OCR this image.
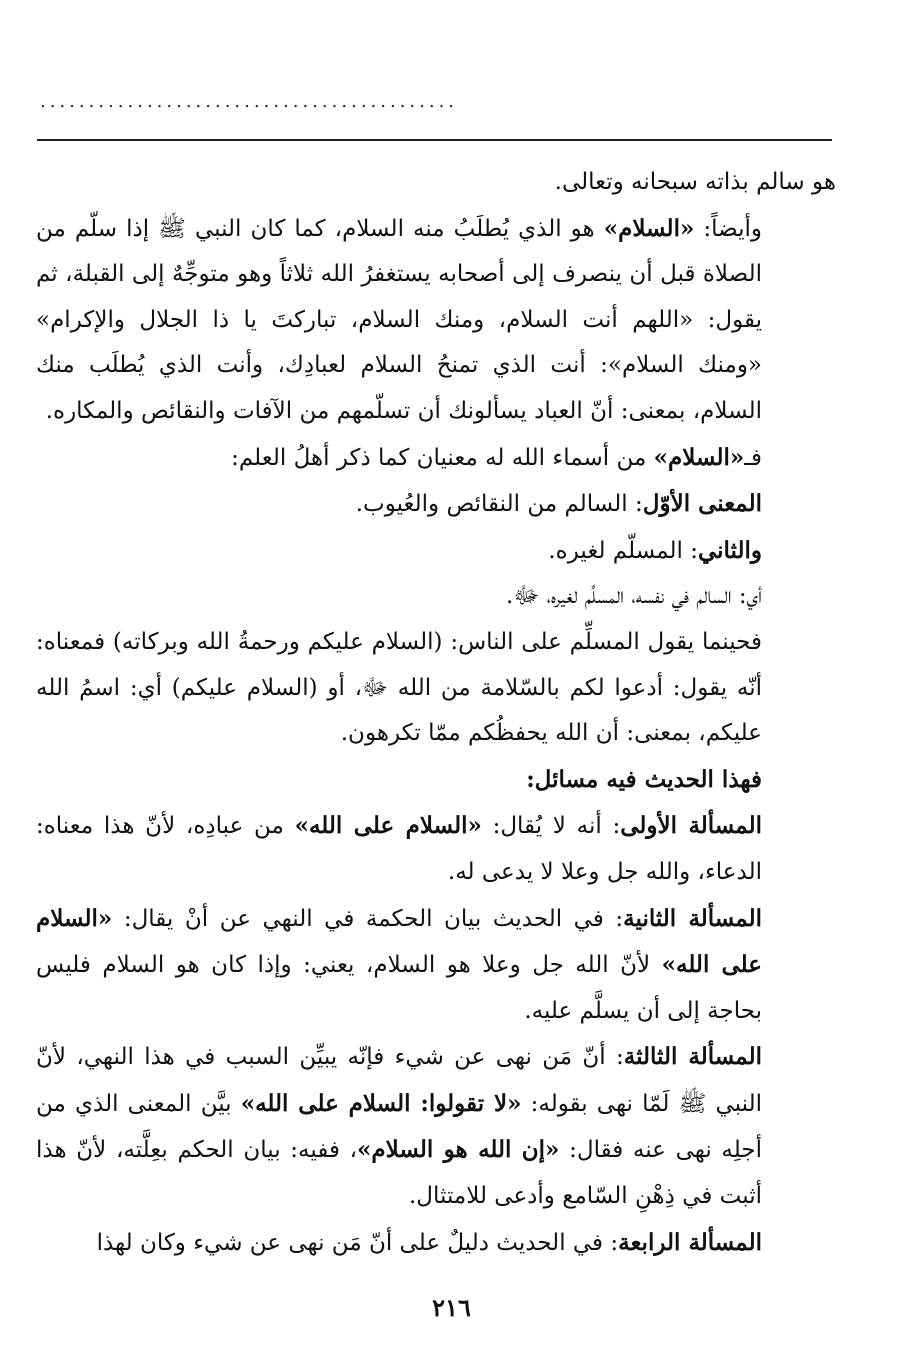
...........................................

هو سالم بذاته سبحانه وتعالى.

وأيضاً: «السلام» هو الذي يُطلَبُ منه السلام، كما كان النبي ﷺ إذا سلّم من الصلاة قبل أن ينصرف إلى أصحابه يستغفرُ الله ثلاثاً وهو متوجِّهٌ إلى القبلة، ثم يقول: «اللهم أنت السلام، ومنك السلام، تباركتَ يا ذا الجلال والإكرام» «ومنك السلام»: أنت الذي تمنحُ السلام لعبادِك، وأنت الذي يُطلَب منك السلام، بمعنى: أنّ العباد يسألونك أن تسلّمهم من الآفات والنقائص والمكاره.

فـ«السلام» من أسماء الله له معنيان كما ذكر أهلُ العلم:

المعنى الأوّل: السالم من النقائص والعُيوب.

والثاني: المسلّم لغيره.

أي: السالم في نفسه، المسلِّم لغيره، ﷻ.

فحينما يقول المسلِّم على الناس: (السلام عليكم ورحمةُ الله وبركاته) فمعناه: أنّه يقول: أدعوا لكم بالسّلامة من الله ﷻ، أو (السلام عليكم) أي: اسمُ الله عليكم، بمعنى: أن الله يحفظُكم ممّا تكرهون.

فهذا الحديث فيه مسائل:

المسألة الأولى: أنه لا يُقال: «السلام على الله» من عبادِه، لأنّ هذا معناه: الدعاء، والله جل وعلا لا يدعى له.

المسألة الثانية: في الحديث بيان الحكمة في النهي عن أنْ يقال: «السلام على الله» لأنّ الله جل وعلا هو السلام، يعني: وإذا كان هو السلام فليس بحاجة إلى أن يسلَّم عليه.

المسألة الثالثة: أنّ مَن نهى عن شيء فإنّه يبيِّن السبب في هذا النهي، لأنّ النبي ﷺ لَمّا نهى بقوله: «لا تقولوا: السلام على الله» بيَّن المعنى الذي من أجلِه نهى عنه فقال: «إن الله هو السلام»، ففيه: بيان الحكم بعِلَّته، لأنّ هذا أثبت في ذِهْنِ السّامع وأدعى للامتثال.

المسألة الرابعة: في الحديث دليلٌ على أنّ مَن نهى عن شيء وكان لهذا

٢١٦
